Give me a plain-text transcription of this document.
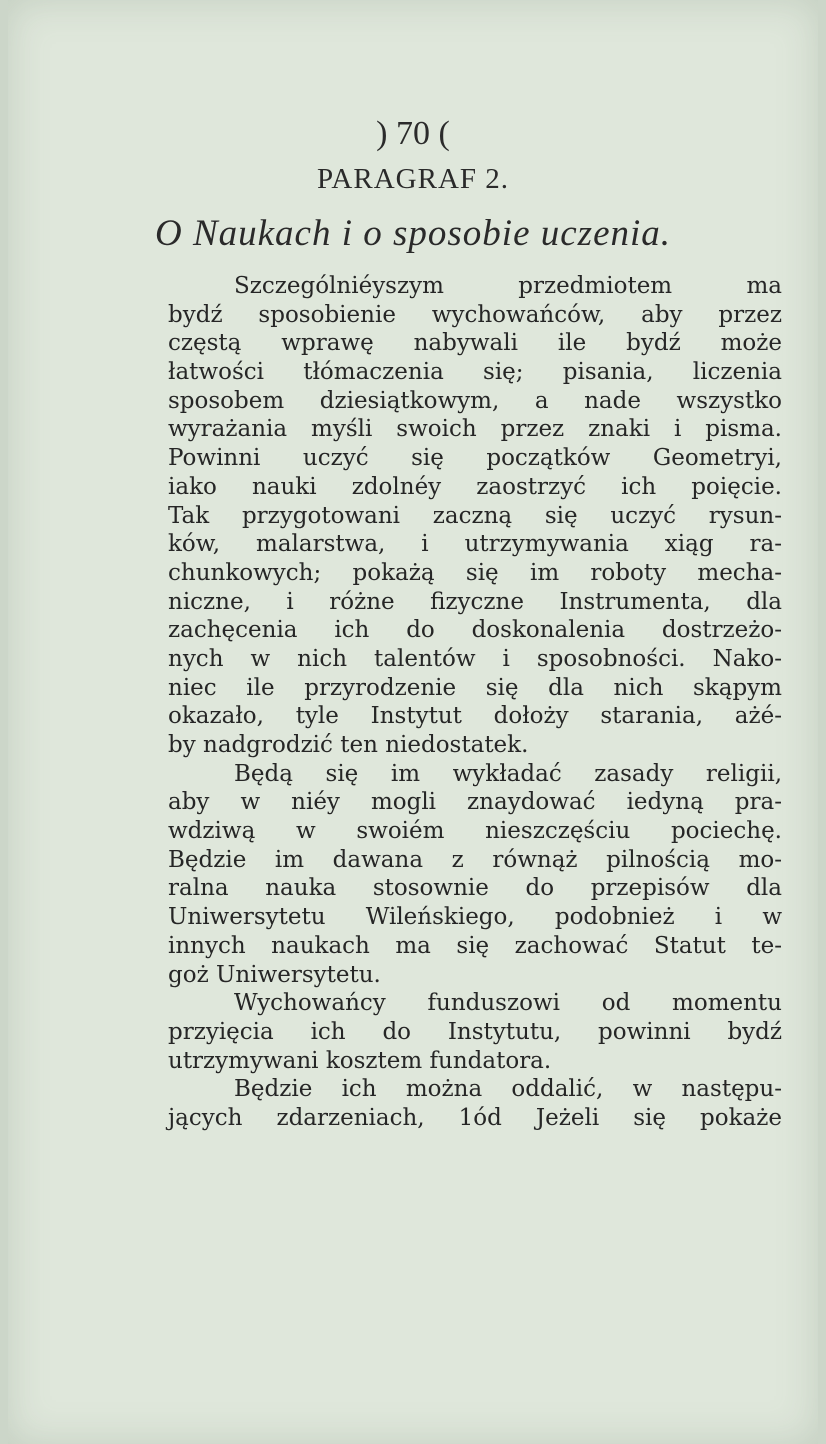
) 70 (
PARAGRAF 2.
O Naukach i o sposobie uczenia.
Szczególniéyszym przedmiotem ma
bydź sposobienie wychowańców, aby przez
częstą wprawę nabywali ile bydź może
łatwości tłómaczenia się; pisania, liczenia
sposobem dziesiątkowym, a nade wszystko
wyrażania myśli swoich przez znaki i pisma.
Powinni uczyć się początków Geometryi,
iako nauki zdolnéy zaostrzyć ich poięcie.
Tak przygotowani zaczną się uczyć rysun-
ków, malarstwa, i utrzymywania xiąg ra-
chunkowych; pokażą się im roboty mecha-
niczne, i różne fizyczne Instrumenta, dla
zachęcenia ich do doskonalenia dostrzeżo-
nych w nich talentów i sposobności. Nako-
niec ile przyrodzenie się dla nich skąpym
okazało, tyle Instytut dołoży starania, ażé-
by nadgrodzić ten niedostatek.
Będą się im wykładać zasady religii,
aby w niéy mogli znaydować iedyną pra-
wdziwą w swoiém nieszczęściu pociechę.
Będzie im dawana z równąż pilnością mo-
ralna nauka stosownie do przepisów dla
Uniwersytetu Wileńskiego, podobnież i w
innych naukach ma się zachować Statut te-
goż Uniwersytetu.
Wychowańcy funduszowi od momentu
przyięcia ich do Instytutu, powinni bydź
utrzymywani kosztem fundatora.
Będzie ich można oddalić, w następu-
jących zdarzeniach, 1ód Jeżeli się pokaże
